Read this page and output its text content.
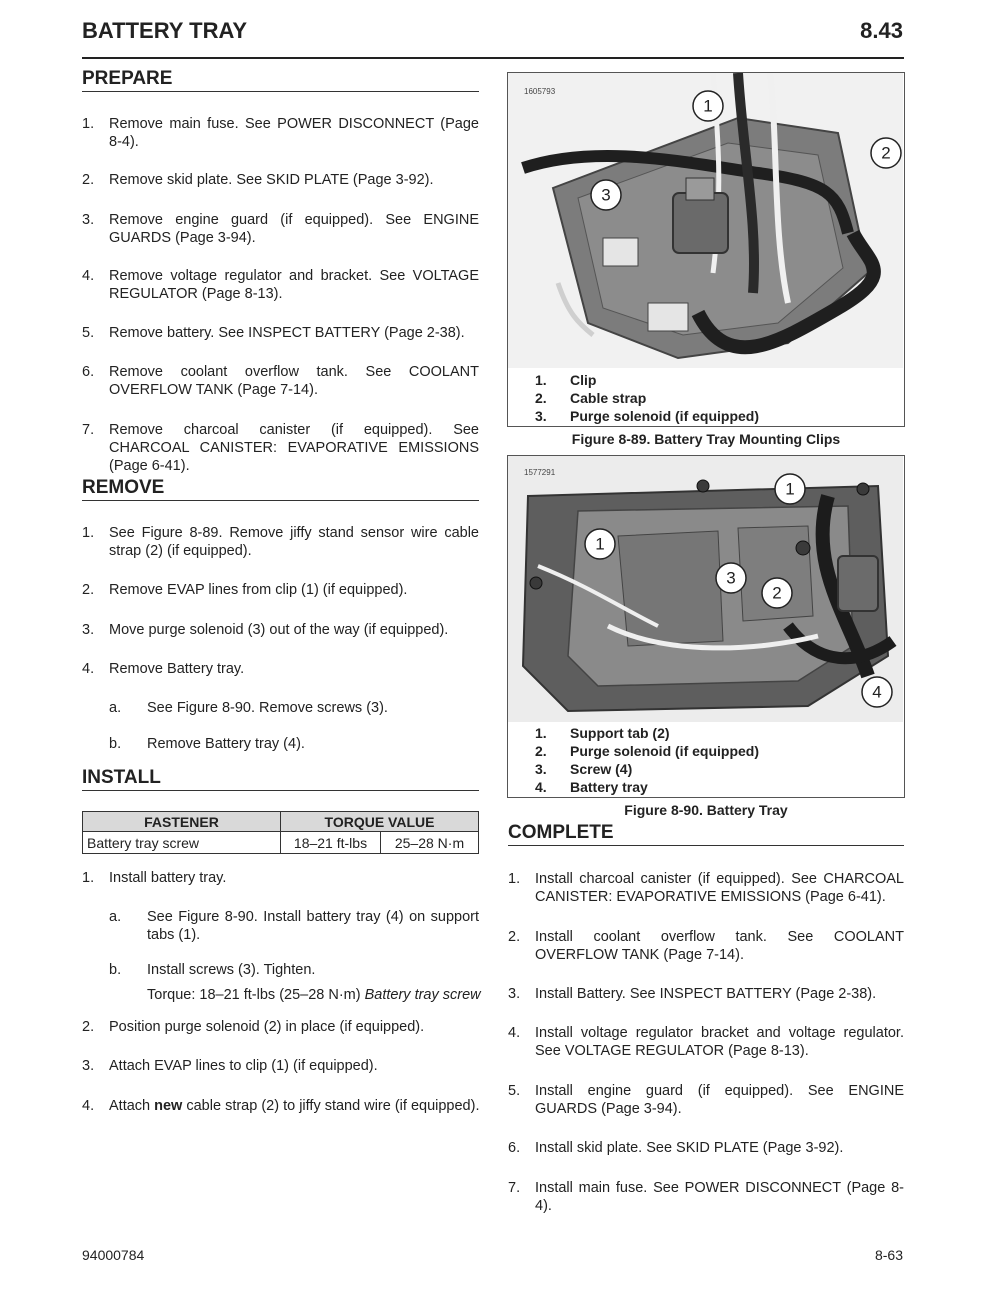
BATTERY TRAY	8.43
PREPARE
1. Remove main fuse. See POWER DISCONNECT (Page 8-4).
2. Remove skid plate. See SKID PLATE (Page 3-92).
3. Remove engine guard (if equipped). See ENGINE GUARDS (Page 3-94).
4. Remove voltage regulator and bracket. See VOLTAGE REGULATOR (Page 8-13).
5. Remove battery. See INSPECT BATTERY (Page 2-38).
6. Remove coolant overflow tank. See COOLANT OVERFLOW TANK (Page 7-14).
7. Remove charcoal canister (if equipped). See CHARCOAL CANISTER: EVAPORATIVE EMISSIONS (Page 6-41).
REMOVE
1. See Figure 8-89. Remove jiffy stand sensor wire cable strap (2) (if equipped).
2. Remove EVAP lines from clip (1) (if equipped).
3. Move purge solenoid (3) out of the way (if equipped).
4. Remove Battery tray.
a. See Figure 8-90. Remove screws (3).
b. Remove Battery tray (4).
INSTALL
FASTENER	TORQUE VALUE	
Battery tray screw	18–21 ft-lbs	25–28 N·m
1. Install battery tray.
a. See Figure 8-90. Install battery tray (4) on support tabs (1).
b. Install screws (3). Tighten.
Torque: 18–21 ft-lbs (25–28 N·m) Battery tray screw
2. Position purge solenoid (2) in place (if equipped).
3. Attach EVAP lines to clip (1) (if equipped).
4. Attach new cable strap (2) to jiffy stand wire (if equipped).
1
2
3
1605793
1. Clip
2. Cable strap
3. Purge solenoid (if equipped)
Figure 8-89. Battery Tray Mounting Clips
1
1
3
2
4
1577291
1. Support tab (2)
2. Purge solenoid (if equipped)
3. Screw (4)
4. Battery tray
Figure 8-90. Battery Tray
COMPLETE
1. Install charcoal canister (if equipped). See CHARCOAL CANISTER: EVAPORATIVE EMISSIONS (Page 6-41).
2. Install coolant overflow tank. See COOLANT OVERFLOW TANK (Page 7-14).
3. Install Battery. See INSPECT BATTERY (Page 2-38).
4. Install voltage regulator bracket and voltage regulator. See VOLTAGE REGULATOR (Page 8-13).
5. Install engine guard (if equipped). See ENGINE GUARDS (Page 3-94).
6. Install skid plate. See SKID PLATE (Page 3-92).
7. Install main fuse. See POWER DISCONNECT (Page 8-4).
94000784	8-63
